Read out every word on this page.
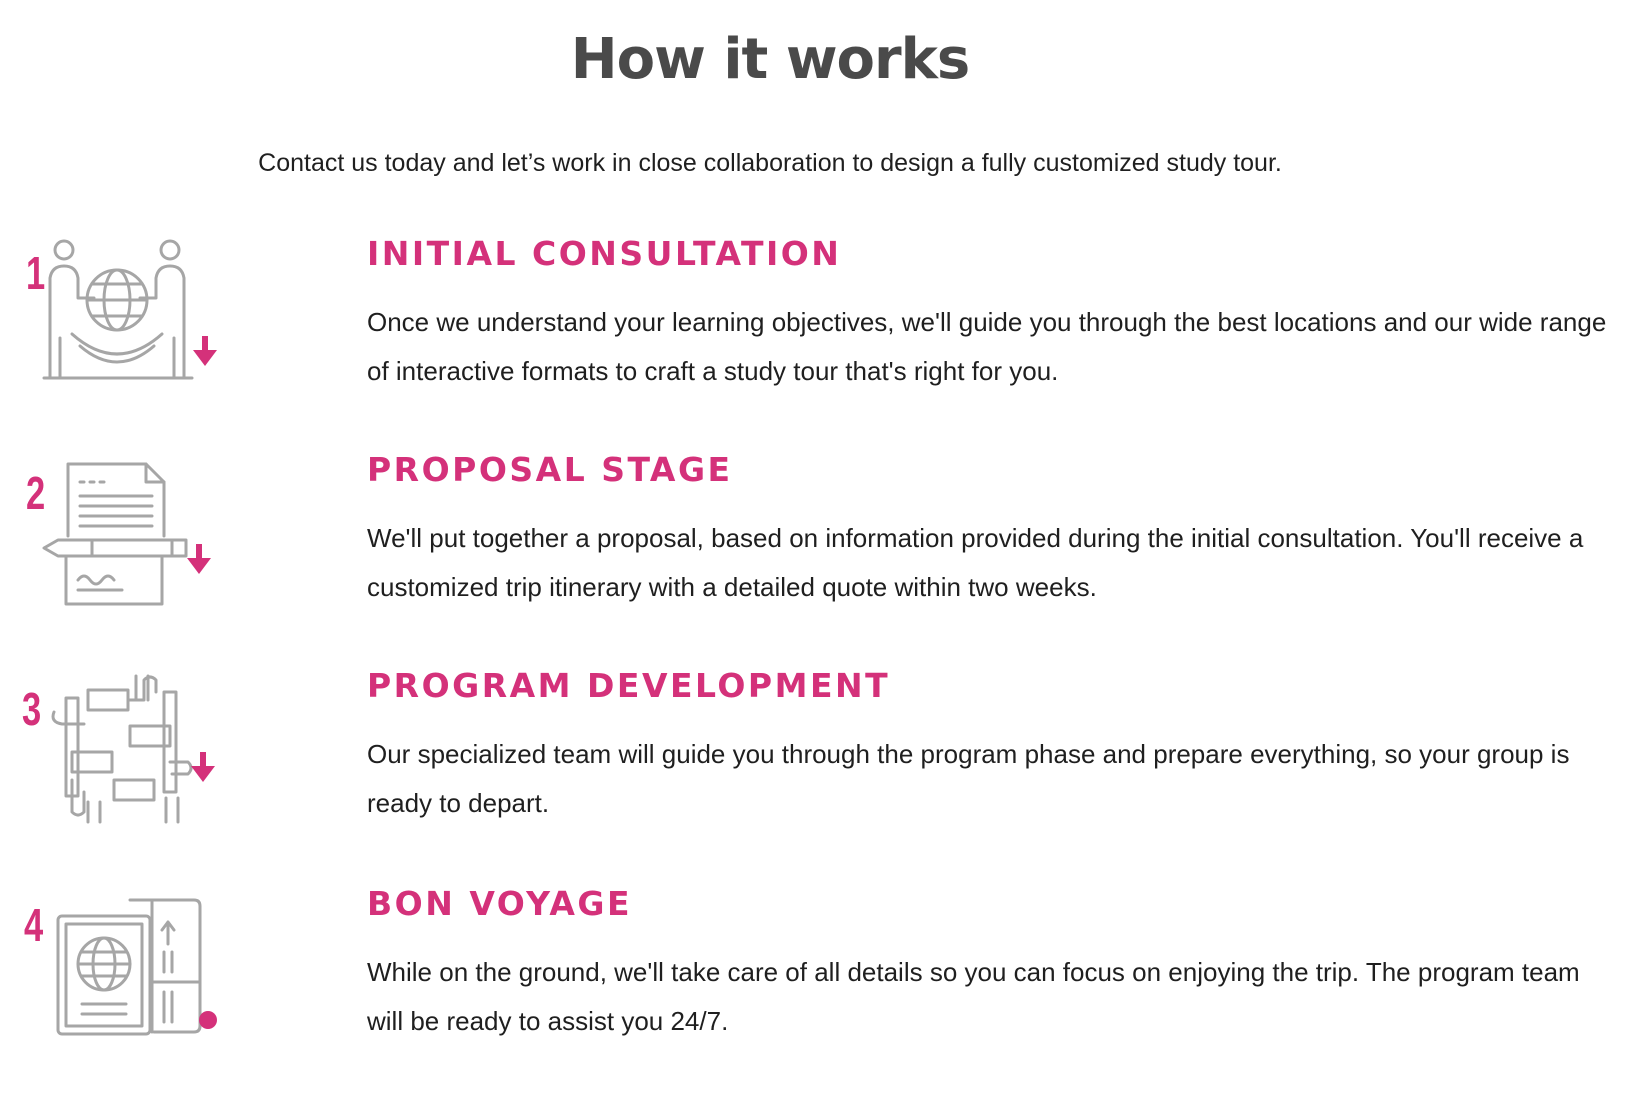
How it works

Contact us today and let’s work in close collaboration to design a fully customized study tour.

1	INITIAL CONSULTATION

Once we understand your learning objectives, we'll guide you through the best locations and our wide range of interactive formats to craft a study tour that's right for you.

2	PROPOSAL STAGE

We'll put together a proposal, based on information provided during the initial consultation. You'll receive a customized trip itinerary with a detailed quote within two weeks.

3	PROGRAM DEVELOPMENT

Our specialized team will guide you through the program phase and prepare everything, so your group is ready to depart.

4	BON VOYAGE

While on the ground, we'll take care of all details so you can focus on enjoying the trip. The program team will be ready to assist you 24/7.
